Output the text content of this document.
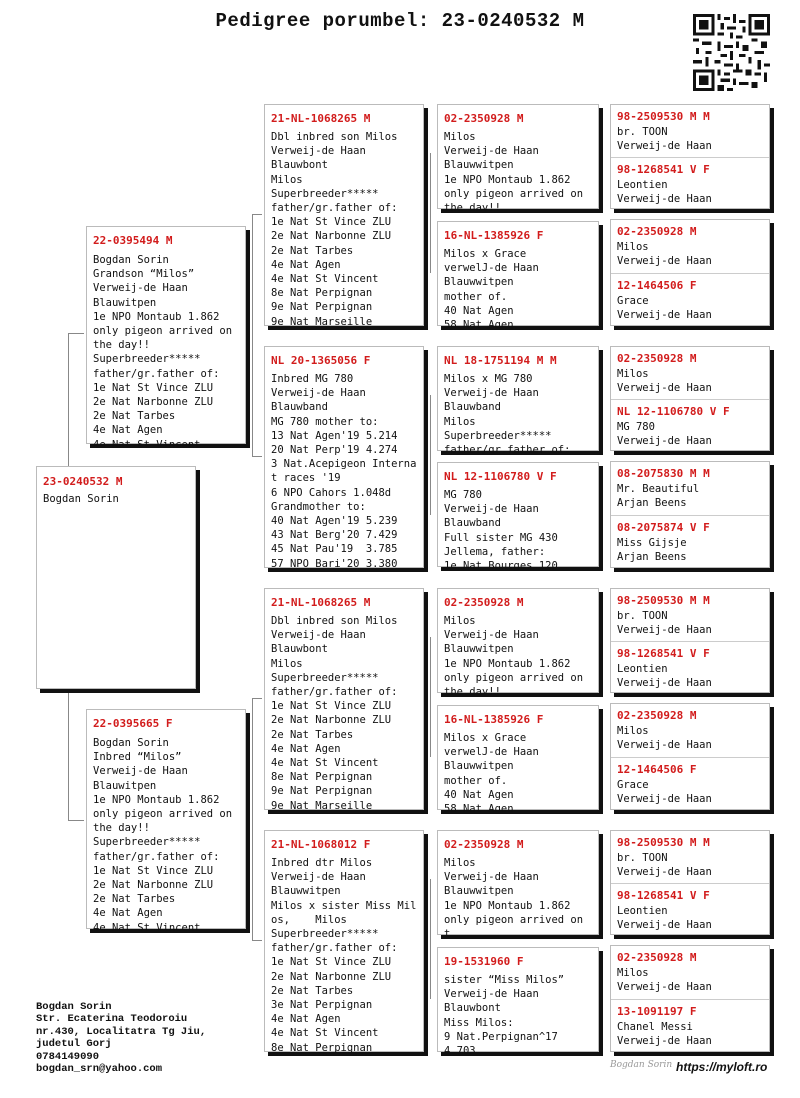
Pedigree porumbel: 23-0240532 M
23-0240532 M
Bogdan Sorin
22-0395494 M
Bogdan Sorin
Grandson “Milos”
Verweij-de Haan
Blauwitpen
1e NPO Montaub 1.862
only pigeon arrived on the day!!
Superbreeder*****
father/gr.father of:
1e Nat St Vince ZLU
2e Nat Narbonne ZLU
2e Nat Tarbes
4e Nat Agen
4e Nat St Vincent
22-0395665 F
Bogdan Sorin
Inbred “Milos”
Verweij-de Haan
Blauwitpen
1e NPO Montaub 1.862
only pigeon arrived on the day!!
Superbreeder*****
father/gr.father of:
1e Nat St Vince ZLU
2e Nat Narbonne ZLU
2e Nat Tarbes
4e Nat Agen
4e Nat St Vincent
21-NL-1068265 M
Dbl inbred son Milos
Verweij-de Haan
Blauwbont
Milos
Superbreeder*****
father/gr.father of:
1e Nat St Vince ZLU
2e Nat Narbonne ZLU
2e Nat Tarbes
4e Nat Agen
4e Nat St Vincent
8e Nat Perpignan
9e Nat Perpignan
9e Nat Marseille
NL 20-1365056 F
Inbred MG 780
Verweij-de Haan
Blauwband
MG 780 mother to:
13 Nat Agen'19 5.214
20 Nat Perp'19 4.274
3 Nat.Acepigeon Internat races '19
6 NPO Cahors 1.048d
Grandmother to:
40 Nat Agen'19 5.239
43 Nat Berg'20 7.429
45 Nat Pau'19  3.785
57 NPO Bari'20 3.380
21-NL-1068265 M
Dbl inbred son Milos
Verweij-de Haan
Blauwbont
Milos
Superbreeder*****
father/gr.father of:
1e Nat St Vince ZLU
2e Nat Narbonne ZLU
2e Nat Tarbes
4e Nat Agen
4e Nat St Vincent
8e Nat Perpignan
9e Nat Perpignan
9e Nat Marseille
21-NL-1068012 F
Inbred dtr Milos
Verweij-de Haan
Blauwwitpen
Milos x sister Miss Milos,    Milos
Superbreeder*****
father/gr.father of:
1e Nat St Vince ZLU
2e Nat Narbonne ZLU
2e Nat Tarbes
3e Nat Perpignan
4e Nat Agen
4e Nat St Vincent
8e Nat Perpignan
02-2350928 M
Milos
Verweij-de Haan
Blauwwitpen
1e NPO Montaub 1.862
only pigeon arrived on the day!!
16-NL-1385926 F
Milos x Grace
verwelJ-de Haan
Blauwwitpen
mother of.
40 Nat Agen
58 Nat Agen
NL 18-1751194 M M
Milos x MG 780
Verweij-de Haan
Blauwband
Milos
Superbreeder*****
father/gr.father of:
NL 12-1106780 V F
MG 780
Verweij-de Haan
Blauwband
Full sister MG 430
Jellema, father:
1e Nat Bourges 120
02-2350928 M
Milos
Verweij-de Haan
Blauwwitpen
1e NPO Montaub 1.862
only pigeon arrived on the day!!
16-NL-1385926 F
Milos x Grace
verwelJ-de Haan
Blauwwitpen
mother of.
40 Nat Agen
58 Nat Agen
02-2350928 M
Milos
Verweij-de Haan
Blauwwitpen
1e NPO Montaub 1.862
only pigeon arrived on t
19-1531960 F
sister “Miss Milos”
Verweij-de Haan
Blauwbont
Miss Milos:
9 Nat.Perpignan^17
4.703
98-2509530 M M
br. TOON
Verweij-de Haan
98-1268541 V F
Leontien
Verweij-de Haan
02-2350928 M
Milos
Verweij-de Haan
12-1464506 F
Grace
Verweij-de Haan
02-2350928 M
Milos
Verweij-de Haan
NL 12-1106780 V F
MG 780
Verweij-de Haan
08-2075830 M M
Mr. Beautiful
Arjan Beens
08-2075874 V F
Miss Gijsje
Arjan Beens
98-2509530 M M
br. TOON
Verweij-de Haan
98-1268541 V F
Leontien
Verweij-de Haan
02-2350928 M
Milos
Verweij-de Haan
12-1464506 F
Grace
Verweij-de Haan
98-2509530 M M
br. TOON
Verweij-de Haan
98-1268541 V F
Leontien
Verweij-de Haan
02-2350928 M
Milos
Verweij-de Haan
13-1091197 F
Chanel Messi
Verweij-de Haan
Bogdan Sorin
Str. Ecaterina Teodoroiu
nr.430, Localitatra Tg Jiu,
judetul Gorj
0784149090
bogdan_srn@yahoo.com	Bogdan Sorin https://myloft.ro
